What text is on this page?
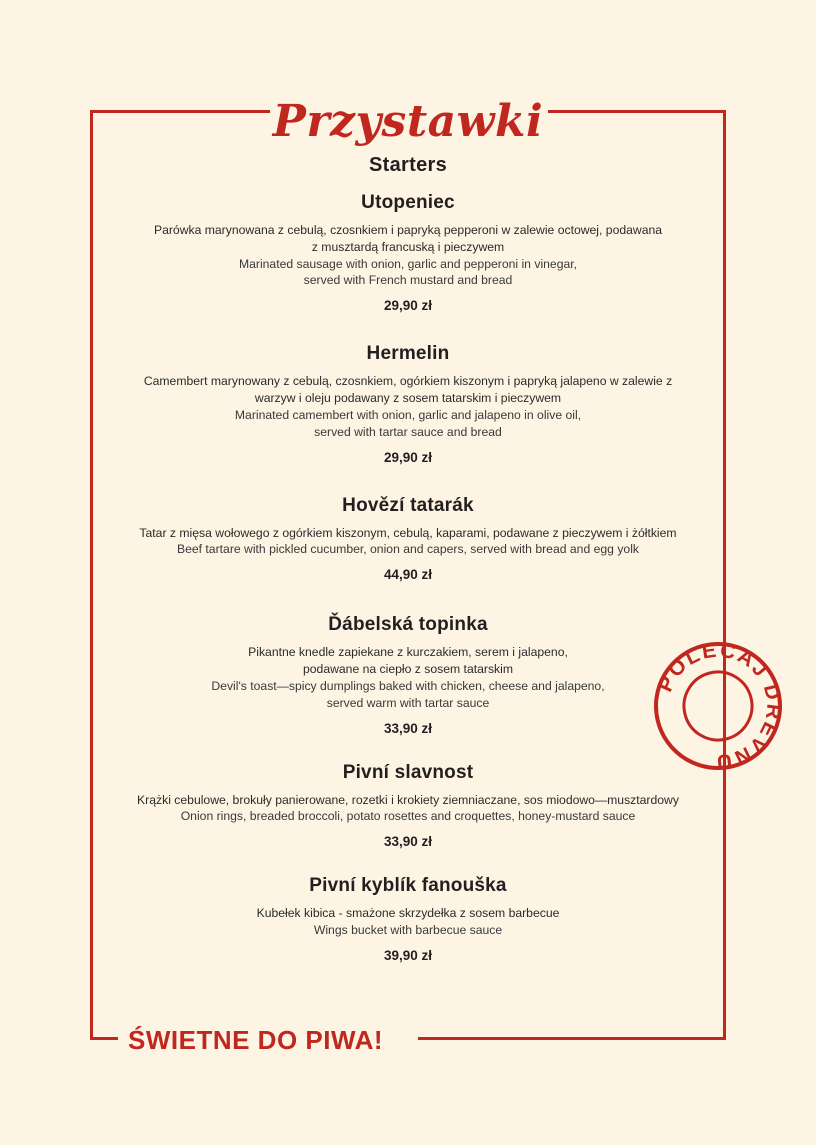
Przystawki
Starters
Utopeniec
Parówka marynowana z cebulą, czosnkiem i papryką pepperoni w zalewie octowej, podawana
z musztardą francuską i pieczywem
Marinated sausage with onion, garlic and pepperoni in vinegar,
served with French mustard and bread
29,90 zł
Hermelin
Camembert marynowany z cebulą, czosnkiem, ogórkiem kiszonym i papryką jalapeno w zalewie z
warzyw i oleju podawany z sosem tatarskim i pieczywem
Marinated camembert with onion, garlic and jalapeno in olive oil,
served with tartar sauce and bread
29,90 zł
Hovězí tatarák
Tatar z mięsa wołowego z ogórkiem kiszonym, cebulą, kaparami, podawane z pieczywem i żółtkiem
Beef tartare with pickled cucumber, onion and capers, served with bread and egg yolk
44,90 zł
Ďábelská topinka
Pikantne knedle zapiekane z kurczakiem, serem i jalapeno,
podawane na ciepło z sosem tatarskim
Devil's toast—spicy dumplings baked with chicken, cheese and jalapeno,
served warm with tartar sauce
33,90 zł
Pivní slavnost
Krążki cebulowe, brokuły panierowane, rozetki i krokiety ziemniaczane, sos miodowo—musztardowy
Onion rings, breaded broccoli, potato rosettes and croquettes, honey-mustard sauce
33,90 zł
Pivní kyblík fanouška
Kubełek kibica - smażone skrzydełka z sosem barbecue
Wings bucket with barbecue sauce
39,90 zł
ŚWIETNE DO PIWA!
POLECAJ DREVNU
